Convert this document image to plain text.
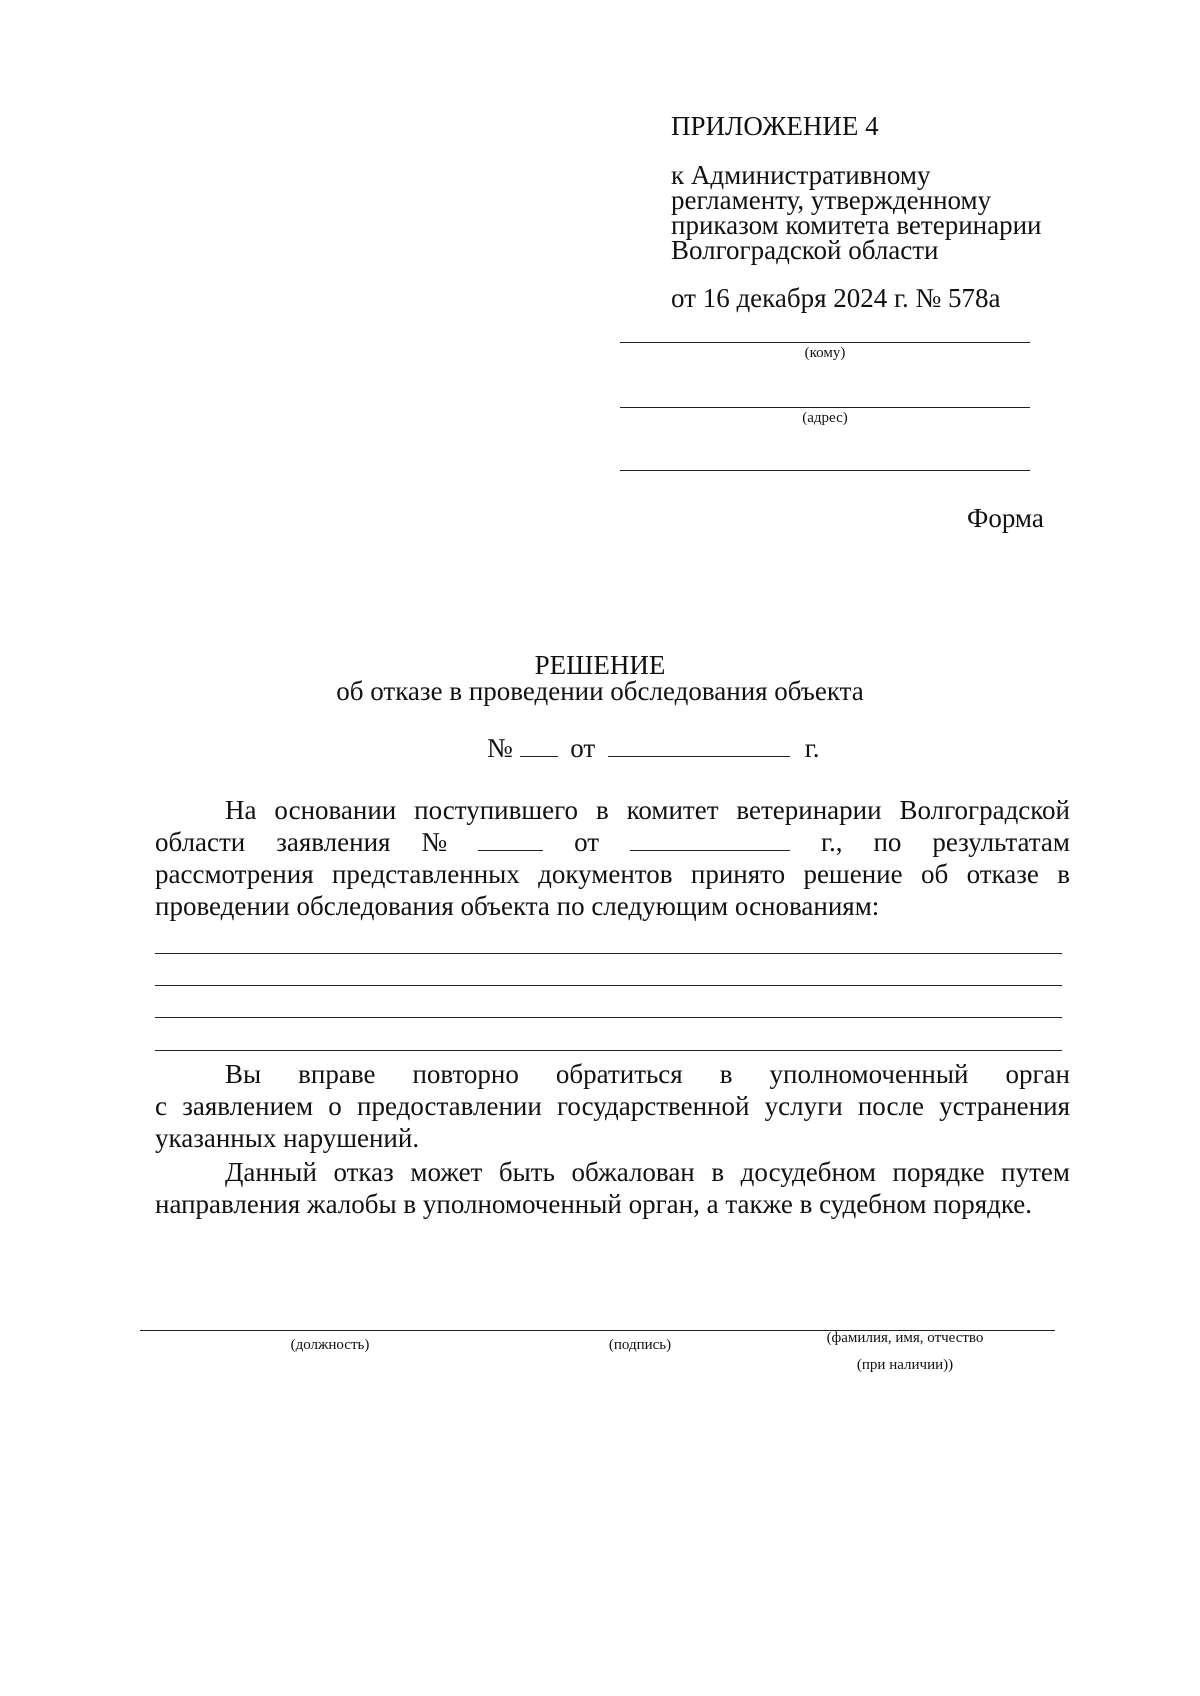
ПРИЛОЖЕНИЕ 4
к Административному
регламенту, утвержденному
приказом комитета ветеринарии
Волгоградской области
от 16 декабря 2024 г. № 578а
(кому)
(адрес)
Форма
РЕШЕНИЕ
об отказе в проведении обследования объекта
№ от	г.
На основании поступившего в комитет ветеринарии Волгоградской
области заявления №	от	г., по результатам
рассмотрения представленных документов принято решение об отказе в
проведении обследования объекта по следующим основаниям:
Вы вправе повторно обратиться в уполномоченный орган
с заявлением о предоставлении государственной услуги после устранения указанных нарушений.
Данный отказ может быть обжалован в досудебном порядке путем
направления жалобы в уполномоченный орган, а также в судебном порядке.
(должность)	(подпись)	(фамилия, имя, отчество
(при наличии))
